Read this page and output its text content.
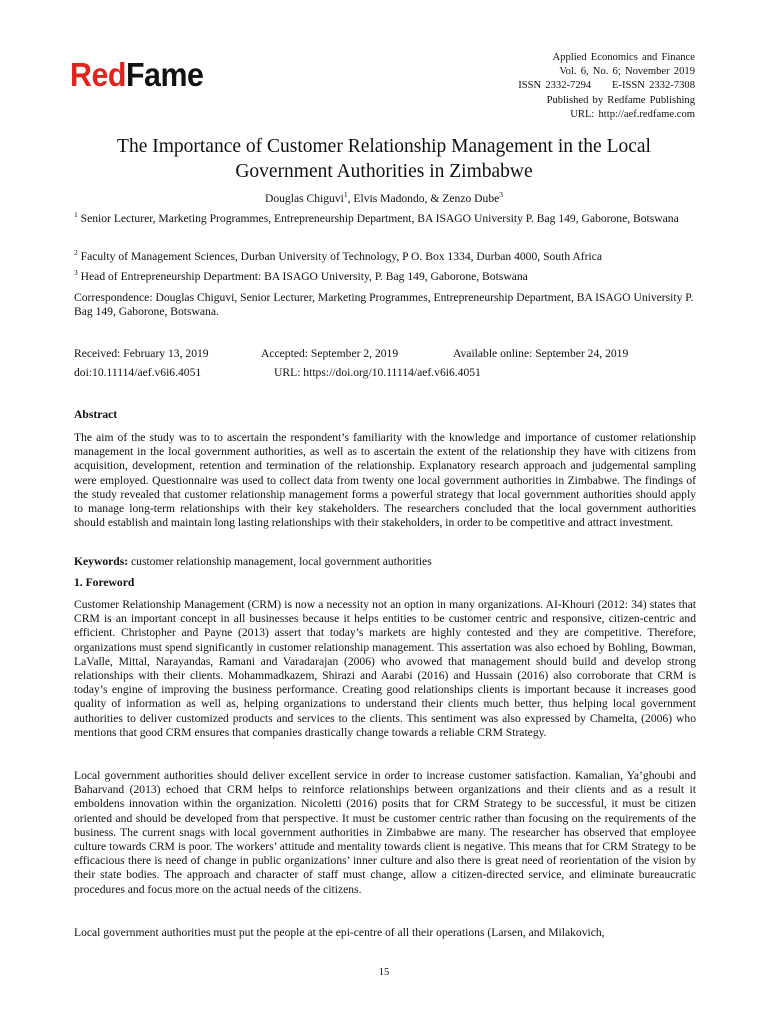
RedFame	Applied Economics and Finance
Vol. 6, No. 6; November 2019
ISSN 2332-7294     E-ISSN 2332-7308
Published by Redfame Publishing
URL: http://aef.redfame.com
The Importance of Customer Relationship Management in the Local Government Authorities in Zimbabwe
Douglas Chiguvi$^1$, Elvis Madondo, & Zenzo Dube$^3$
$^1$ Senior Lecturer, Marketing Programmes, Entrepreneurship Department, BA ISAGO University P. Bag 149, Gaborone, Botswana
$^2$ Faculty of Management Sciences, Durban University of Technology, P O. Box 1334, Durban 4000, South Africa
$^3$ Head of Entrepreneurship Department: BA ISAGO University, P. Bag 149, Gaborone, Botswana
Correspondence: Douglas Chiguvi, Senior Lecturer, Marketing Programmes, Entrepreneurship Department, BA ISAGO University P. Bag 149, Gaborone, Botswana.
Received: February 13, 2019	Accepted: September 2, 2019	Available online: September 24, 2019
doi:10.11114/aef.v6i6.4051	URL: https://doi.org/10.11114/aef.v6i6.4051
Abstract
The aim of the study was to to ascertain the respondent’s familiarity with the knowledge and importance of customer relationship management in the local government authorities, as well as to ascertain the extent of the relationship they have with citizens from acquisition, development, retention and termination of the relationship. Explanatory research approach and judgemental sampling were employed. Questionnaire was used to collect data from twenty one local government authorities in Zimbabwe. The findings of the study revealed that customer relationship management forms a powerful strategy that local government authorities should apply to manage long-term relationships with their key stakeholders. The researchers concluded that the local government authorities should establish and maintain long lasting relationships with their stakeholders, in order to be competitive and attract investment.
Keywords: customer relationship management, local government authorities
1. Foreword
Customer Relationship Management (CRM) is now a necessity not an option in many organizations. AI-Khouri (2012: 34) states that CRM is an important concept in all businesses because it helps entities to be customer centric and responsive, citizen-centric and efficient. Christopher and Payne (2013) assert that today’s markets are highly contested and they are competitive. Therefore, organizations must spend significantly in customer relationship management. This assertation was also echoed by Bohling, Bowman, LaValle, Mittal, Narayandas, Ramani and Varadarajan (2006) who avowed that management should build and develop strong relationships with their clients. Mohammadkazem, Shirazi and Aarabi (2016) and Hussain (2016) also corroborate that CRM is today’s engine of improving the business performance. Creating good relationships clients is important because it increases good quality of information as well as, helping organizations to understand their clients much better, thus helping local government authorities to deliver customized products and services to the clients. This sentiment was also expressed by Chamelta, (2006) who mentions that good CRM ensures that companies drastically change towards a reliable CRM Strategy.
Local government authorities should deliver excellent service in order to increase customer satisfaction. Kamalian, Ya’ghoubi and Baharvand (2013) echoed that CRM helps to reinforce relationships between organizations and their clients and as a result it emboldens innovation within the organization. Nicoletti (2016) posits that for CRM Strategy to be successful, it must be citizen oriented and should be developed from that perspective. It must be customer centric rather than focusing on the requirements of the business. The current snags with local government authorities in Zimbabwe are many. The researcher has observed that employee culture towards CRM is poor. The workers’ attitude and mentality towards client is negative. This means that for CRM Strategy to be efficacious there is need of change in public organizations’ inner culture and also there is great need of reorientation of the vision by their state bodies. The approach and character of staff must change, allow a citizen-directed service, and eliminate bureaucratic procedures and focus more on the actual needs of the citizens.
Local government authorities must put the people at the epi-centre of all their operations (Larsen, and Milakovich,
15
